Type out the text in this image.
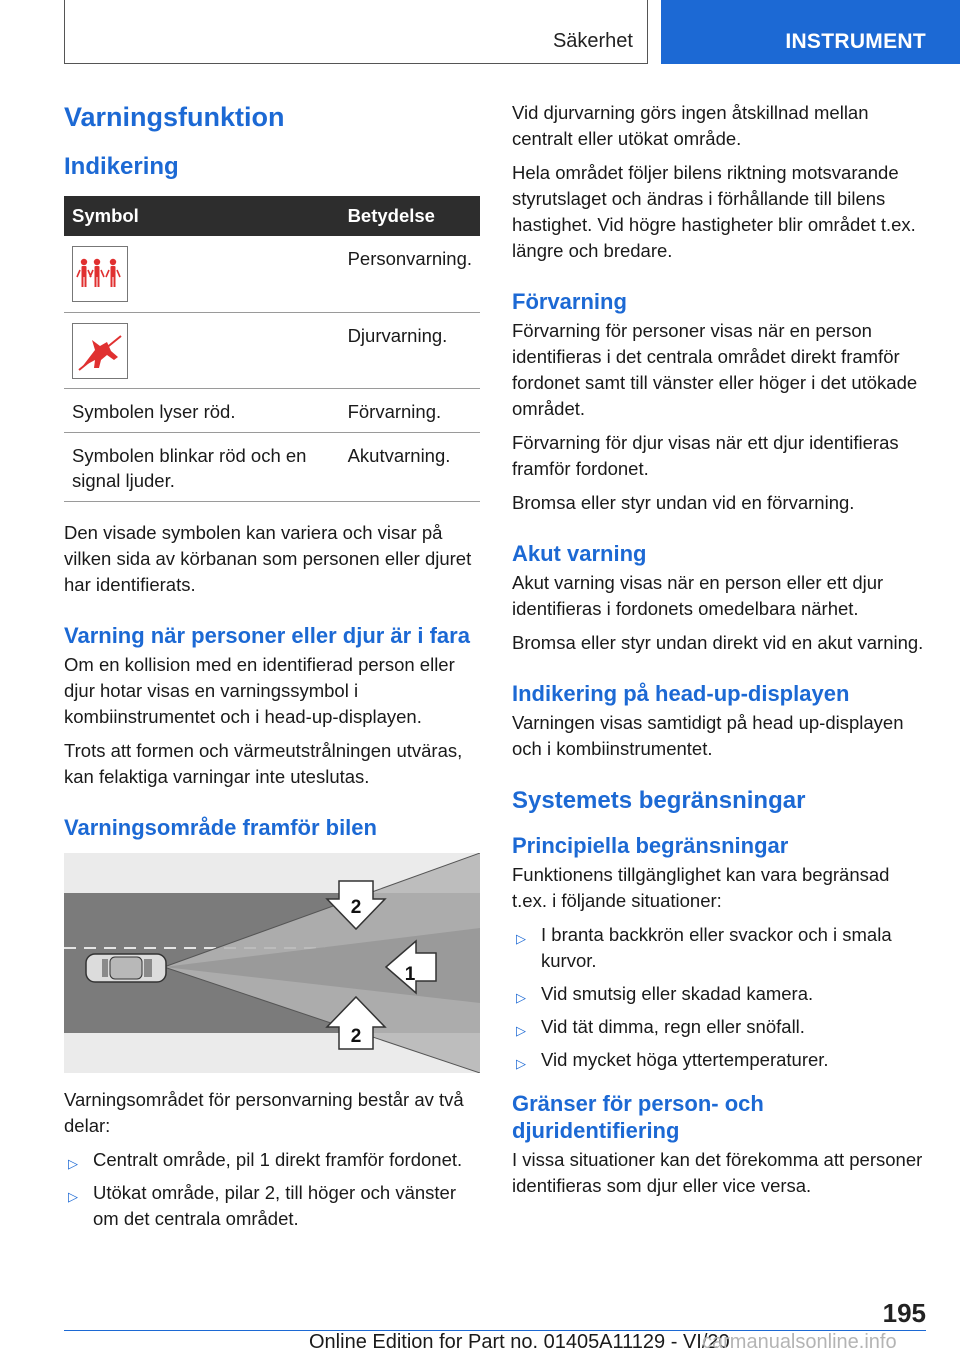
Säkerhet	INSTRUMENT
Varningsfunktion
Indikering
Symbol	Betydelse

	Personvarning.

	Djurvarning.
Symbolen lyser röd.	Förvarning.
Symbolen blinkar röd och en signal ljuder.	Akutvarning.

Den visade symbolen kan variera och visar på vilken sida av körbanan som personen eller djuret har identifierats.

Varning när personer eller djur är i fara

Om en kollision med en identifierad person eller djur hotar visas en varningssymbol i kombiinstrumentet och i head-up-displayen.

Trots att formen och värmeutstrålningen utväras, kan felaktiga varningar inte uteslutas.

Varningsområde framför bilen
2
1
2

Varningsområdet för personvarning består av två delar:

▷ Centralt område, pil 1 direkt framför fordonet.
▷ Utökat område, pilar 2, till höger och vänster om det centrala området.

Vid djurvarning görs ingen åtskillnad mellan centralt eller utökat område.

Hela området följer bilens riktning motsvarande styrutslaget och ändras i förhållande till bilens hastighet. Vid högre hastigheter blir området t.ex. längre och bredare.

Förvarning

Förvarning för personer visas när en person identifieras i det centrala området direkt framför fordonet samt till vänster eller höger i det utökade området.

Förvarning för djur visas när ett djur identifieras framför fordonet.

Bromsa eller styr undan vid en förvarning.

Akut varning

Akut varning visas när en person eller ett djur identifieras i fordonets omedelbara närhet.

Bromsa eller styr undan direkt vid en akut varning.

Indikering på head-up-displayen

Varningen visas samtidigt på head up-displayen och i kombiinstrumentet.

Systemets begränsningar
Principiella begränsningar

Funktionens tillgänglighet kan vara begränsad t.ex. i följande situationer:

▷ I branta backkrön eller svackor och i smala kurvor.
▷ Vid smutsig eller skadad kamera.
▷ Vid tät dimma, regn eller snöfall.
▷ Vid mycket höga yttertemperaturer.
Gränser för person- och djuridentifiering

I vissa situationer kan det förekomma att personer identifieras som djur eller vice versa.

195
Online Edition for Part no. 01405A11129 - VI/20
carmanualsonline.info
